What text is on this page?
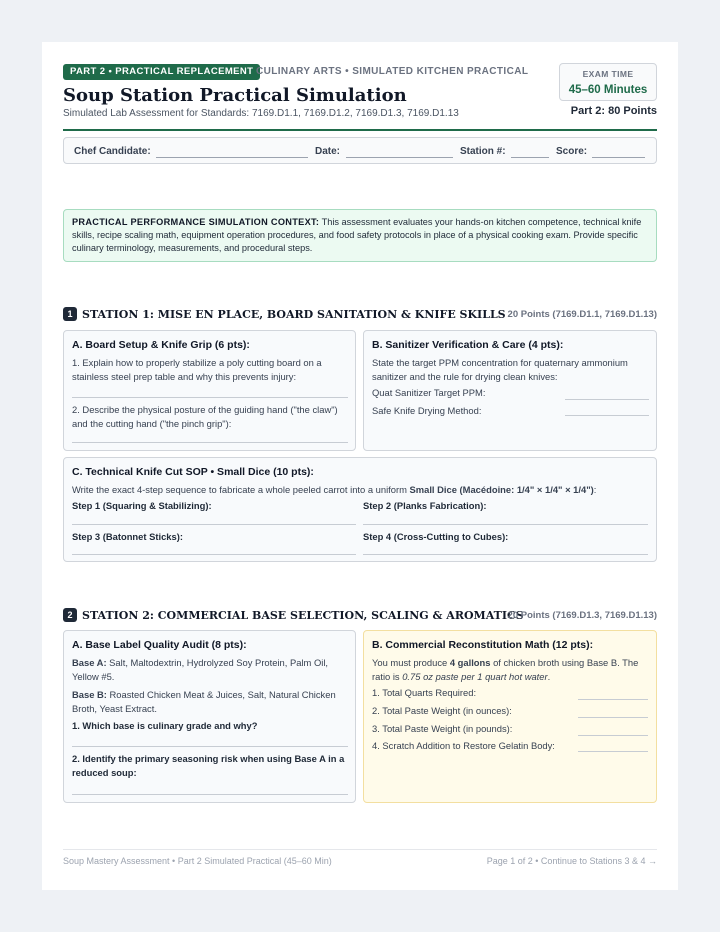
PART 2 • PRACTICAL REPLACEMENT CULINARY ARTS • SIMULATED KITCHEN PRACTICAL
Soup Station Practical Simulation
Simulated Lab Assessment for Standards: 7169.D1.1, 7169.D1.2, 7169.D1.3, 7169.D1.13
EXAM TIME
45–60 Minutes
Part 2: 80 Points
Chef Candidate:	Date:	Station #:	Score:
PRACTICAL PERFORMANCE SIMULATION CONTEXT: This assessment evaluates your hands-on kitchen competence, technical knife skills, recipe scaling math, equipment operation procedures, and food safety protocols in place of a physical cooking exam. Provide specific culinary terminology, measurements, and procedural steps.
1 STATION 1: MISE EN PLACE, BOARD SANITATION & KNIFE SKILLS 20 Points (7169.D1.1, 7169.D1.13)
A. Board Setup & Knife Grip (6 pts):
1. Explain how to properly stabilize a poly cutting board on a stainless steel prep table and why this prevents injury:
2. Describe the physical posture of the guiding hand ("the claw") and the cutting hand ("the pinch grip"):
B. Sanitizer Verification & Care (4 pts):
State the target PPM concentration for quaternary ammonium sanitizer and the rule for drying clean knives:
Quat Sanitizer Target PPM:
Safe Knife Drying Method:
C. Technical Knife Cut SOP • Small Dice (10 pts):
Write the exact 4-step sequence to fabricate a whole peeled carrot into a uniform Small Dice (Macédoine: 1/4" × 1/4" × 1/4"):
Step 1 (Squaring & Stabilizing):	Step 2 (Planks Fabrication):
Step 3 (Batonnet Sticks):	Step 4 (Cross-Cutting to Cubes):
2 STATION 2: COMMERCIAL BASE SELECTION, SCALING & AROMATICS
20 Points (7169.D1.3, 7169.D1.13)
A. Base Label Quality Audit (8 pts):
Base A: Salt, Maltodextrin, Hydrolyzed Soy Protein, Palm Oil, Yellow #5.
Base B: Roasted Chicken Meat & Juices, Salt, Natural Chicken Broth, Yeast Extract.
1. Which base is culinary grade and why?
2. Identify the primary seasoning risk when using Base A in a reduced soup:
B. Commercial Reconstitution Math (12 pts):
You must produce 4 gallons of chicken broth using Base B. The ratio is 0.75 oz paste per 1 quart hot water.
1. Total Quarts Required:
2. Total Paste Weight (in ounces):
3. Total Paste Weight (in pounds):
4. Scratch Addition to Restore Gelatin Body:
Soup Mastery Assessment • Part 2 Simulated Practical (45–60 Min)	Page 1 of 2 • Continue to Stations 3 & 4 →
